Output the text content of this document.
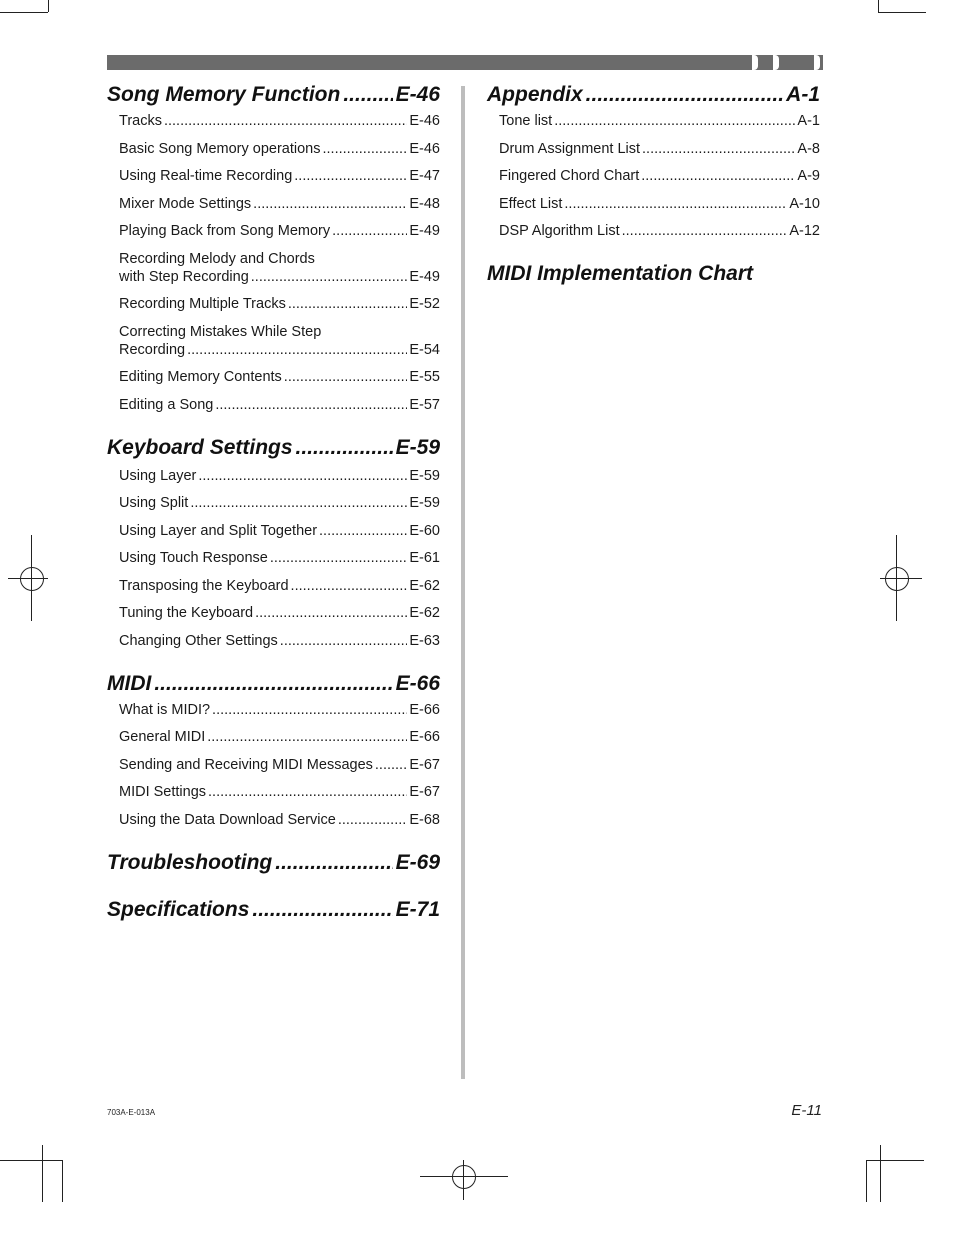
Song Memory Function .....	E-46
Tracks .....	E-46
Basic Song Memory operations .....	E-46
Using Real-time Recording .....	E-47
Mixer Mode Settings .....	E-48
Playing Back from Song Memory .....	E-49
Recording Melody and Chords
with Step Recording .....	E-49
Recording Multiple Tracks .....	E-52
Correcting Mistakes While Step
Recording .....	E-54
Editing Memory Contents .....	E-55
Editing a Song .....	E-57
Keyboard Settings .....	E-59
Using Layer .....	E-59
Using Split .....	E-59
Using Layer and Split Together .....	E-60
Using Touch Response .....	E-61
Transposing the Keyboard .....	E-62
Tuning the Keyboard .....	E-62
Changing Other Settings .....	E-63
MIDI .....	E-66
What is MIDI? .....	E-66
General MIDI .....	E-66
Sending and Receiving MIDI Messages .....	E-67
MIDI Settings .....	E-67
Using the Data Download Service .....	E-68
Troubleshooting .....	E-69
Specifications .....	E-71
Appendix .....	A-1
Tone list .....	A-1
Drum Assignment List .....	A-8
Fingered Chord Chart .....	A-9
Effect List .....	A-10
DSP Algorithm List .....	A-12
MIDI Implementation Chart
703A-E-013A	E-11
